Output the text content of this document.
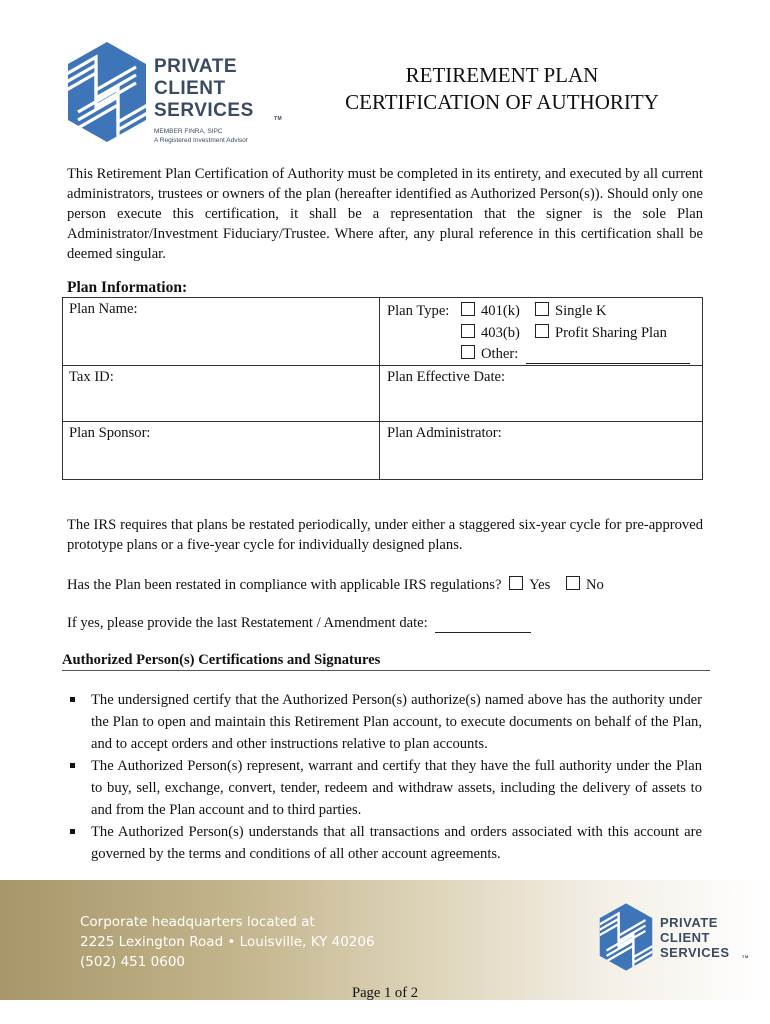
PRIVATE
CLIENT
SERVICES	TM
MEMBER FINRA, SIPC
A Registered Investment Advisor
RETIREMENT PLAN
CERTIFICATION OF AUTHORITY
This Retirement Plan Certification of Authority must be completed in its entirety, and executed by all current administrators, trustees or owners of the plan (hereafter identified as Authorized Person(s)). Should only one person execute this certification, it shall be a representation that the signer is the sole Plan Administrator/Investment Fiduciary/Trustee. Where after, any plural reference in this certification shall be deemed singular.
Plan Information:
Plan Name:	Plan Type:	401(k)	Single K
403(b)	Profit Sharing Plan
Other:
Tax ID:	Plan Effective Date:
Plan Sponsor:	Plan Administrator:
The IRS requires that plans be restated periodically, under either a staggered six-year cycle for pre-approved prototype plans or a five-year cycle for individually designed plans.
Has the Plan been restated in compliance with applicable IRS regulations? Yes No
If yes, please provide the last Restatement / Amendment date:
Authorized Person(s) Certifications and Signatures
The undersigned certify that the Authorized Person(s) authorize(s) named above has the authority under the Plan to open and maintain this Retirement Plan account, to execute documents on behalf of the Plan, and to accept orders and other instructions relative to plan accounts.
The Authorized Person(s) represent, warrant and certify that they have the full authority under the Plan to buy, sell, exchange, convert, tender, redeem and withdraw assets, including the delivery of assets to and from the Plan account and to third parties.
The Authorized Person(s) understands that all transactions and orders associated with this account are governed by the terms and conditions of all other account agreements.
Corporate headquarters located at
2225 Lexington Road • Louisville, KY 40206
(502) 451 0600
PRIVATE
CLIENT
SERVICES	TM
Page 1 of 2
